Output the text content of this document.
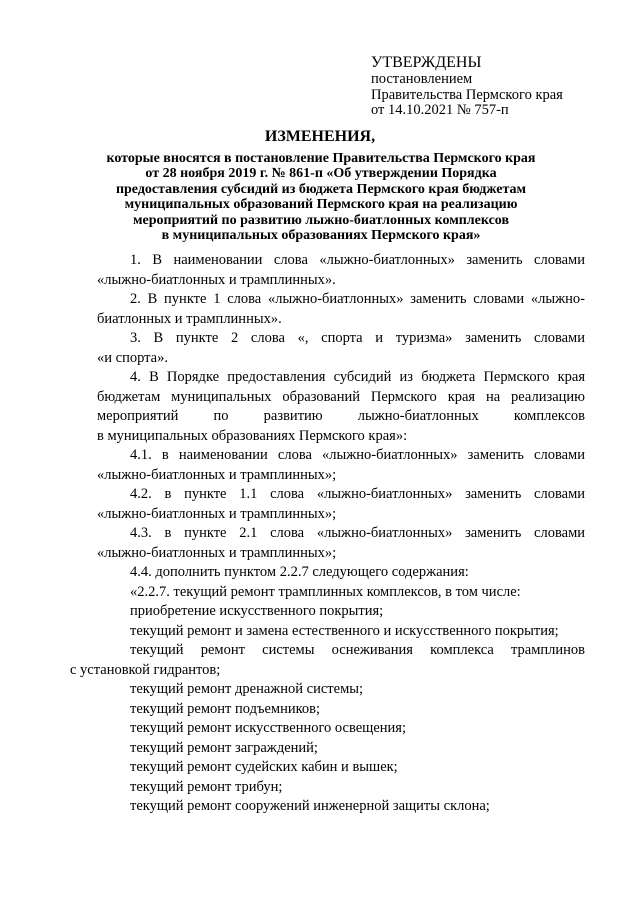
УТВЕРЖДЕНЫ
постановлением
Правительства Пермского края
от 14.10.2021 № 757-п
ИЗМЕНЕНИЯ,
которые вносятся в постановление Правительства Пермского края
от 28 ноября 2019 г. № 861-п «Об утверждении Порядка
предоставления субсидий из бюджета Пермского края бюджетам
муниципальных образований Пермского края на реализацию
мероприятий по развитию лыжно-биатлонных комплексов
в муниципальных образованиях Пермского края»
1. В наименовании слова «лыжно-биатлонных» заменить словами
«лыжно-биатлонных и трамплинных».
2. В пункте 1 слова «лыжно-биатлонных» заменить словами «лыжно-
биатлонных и трамплинных».
3. В пункте 2 слова «, спорта и туризма» заменить словами
«и спорта».
4. В Порядке предоставления субсидий из бюджета Пермского края
бюджетам муниципальных образований Пермского края на реализацию
мероприятий по развитию лыжно-биатлонных комплексов
в муниципальных образованиях Пермского края»:
4.1. в наименовании слова «лыжно-биатлонных» заменить словами
«лыжно-биатлонных и трамплинных»;
4.2. в пункте 1.1 слова «лыжно-биатлонных» заменить словами
«лыжно-биатлонных и трамплинных»;
4.3. в пункте 2.1 слова «лыжно-биатлонных» заменить словами
«лыжно-биатлонных и трамплинных»;
4.4. дополнить пунктом 2.2.7 следующего содержания:
«2.2.7. текущий ремонт трамплинных комплексов, в том числе:
приобретение искусственного покрытия;
текущий ремонт и замена естественного и искусственного покрытия;
текущий ремонт системы оснеживания комплекса трамплинов
с установкой гидрантов;
текущий ремонт дренажной системы;
текущий ремонт подъемников;
текущий ремонт искусственного освещения;
текущий ремонт заграждений;
текущий ремонт судейских кабин и вышек;
текущий ремонт трибун;
текущий ремонт сооружений инженерной защиты склона;
